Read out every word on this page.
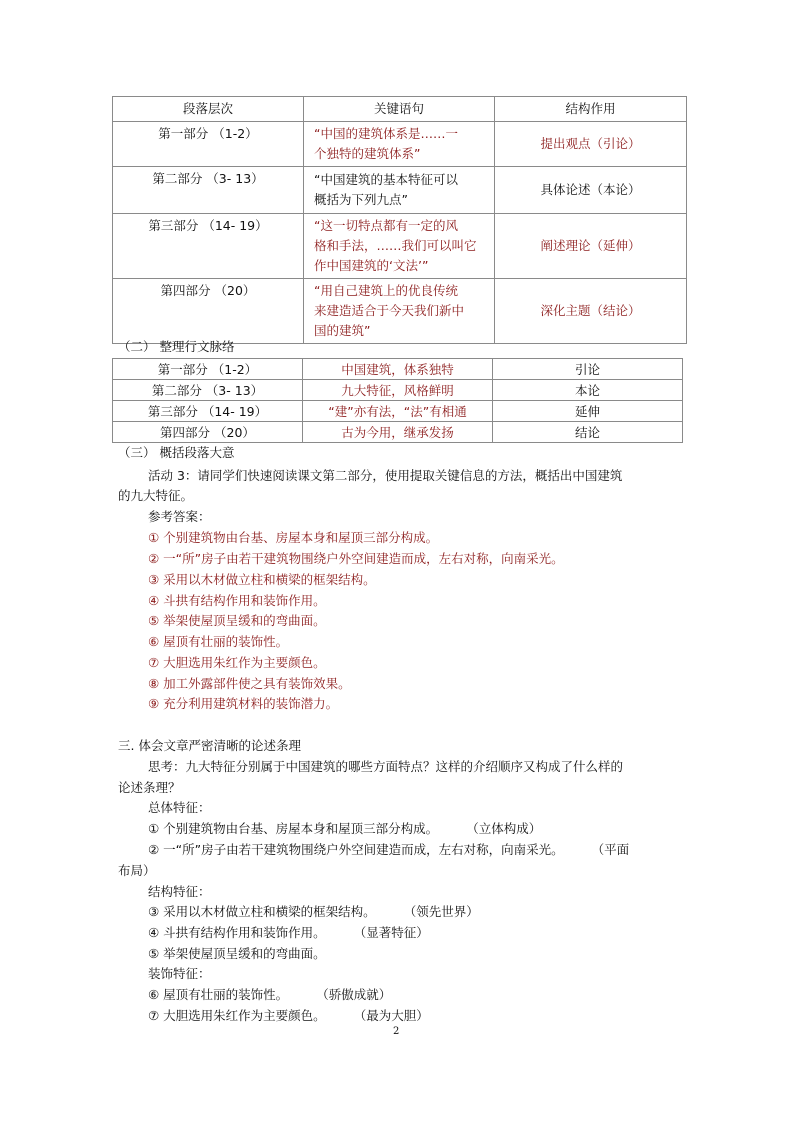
段落层次	关键语句	结构作用
第一部分 （1-2）	“中国的建筑体系是……一
个独特的建筑体系”	提出观点（引论）
第二部分 （3- 13）	“中国建筑的基本特征可以
概括为下列九点”	具体论述（本论）
第三部分 （14- 19）	“这一切特点都有一定的风
格和手法，……我们可以叫它
作中国建筑的‘文法’”	阐述理论（延伸）
第四部分 （20）	“用自己建筑上的优良传统
来建造适合于今天我们新中
国的建筑”	深化主题（结论）
（二） 整理行文脉络
第一部分 （1-2）	中国建筑，体系独特	引论
第二部分 （3- 13）	九大特征，风格鲜明	本论
第三部分 （14- 19）	“建”亦有法，“法”有相通	延伸
第四部分 （20）	古为今用，继承发扬	结论
（三） 概括段落大意
活动 3：请同学们快速阅读课文第二部分，使用提取关键信息的方法，概括出中国建筑
的九大特征。
参考答案：
① 个别建筑物由台基、房屋本身和屋顶三部分构成。
② 一“所”房子由若干建筑物围绕户外空间建造而成，左右对称，向南采光。
③ 采用以木材做立柱和横梁的框架结构。
④ 斗拱有结构作用和装饰作用。
⑤ 举架使屋顶呈缓和的弯曲面。
⑥ 屋顶有壮丽的装饰性。
⑦ 大胆选用朱红作为主要颜色。
⑧ 加工外露部件使之具有装饰效果。
⑨ 充分利用建筑材料的装饰潜力。
三. 体会文章严密清晰的论述条理
思考：九大特征分别属于中国建筑的哪些方面特点？这样的介绍顺序又构成了什么样的
论述条理？
总体特征：
① 个别建筑物由台基、房屋本身和屋顶三部分构成。 （立体构成）
② 一“所”房子由若干建筑物围绕户外空间建造而成，左右对称，向南采光。 （平面
布局）
结构特征：
③ 采用以木材做立柱和横梁的框架结构。 （领先世界）
④ 斗拱有结构作用和装饰作用。 （显著特征）
⑤ 举架使屋顶呈缓和的弯曲面。
装饰特征：
⑥ 屋顶有壮丽的装饰性。 （骄傲成就）
⑦ 大胆选用朱红作为主要颜色。 （最为大胆）
2
